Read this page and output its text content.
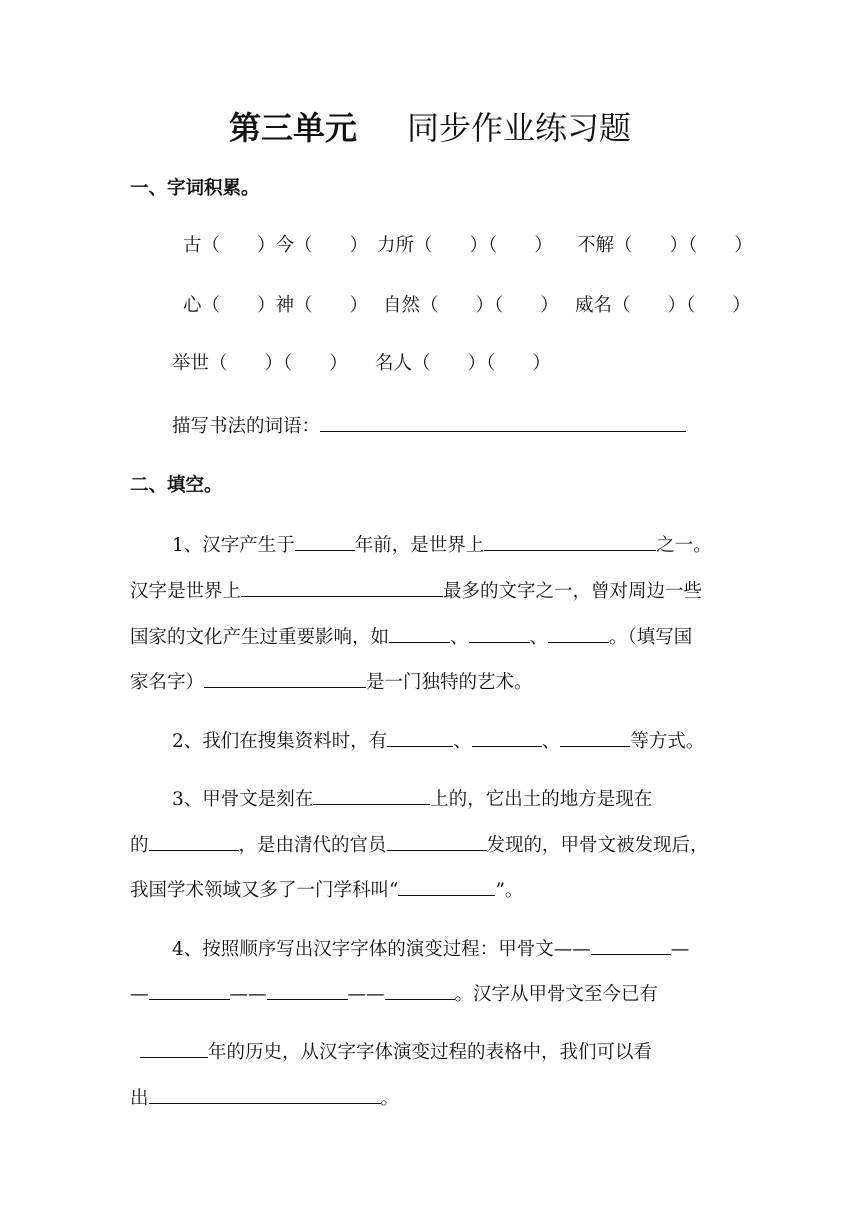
第三单元 同步作业练习题
一、字词积累。
古（　　）今（　　） 力所（　　）（　　） 不解（　　）（　　）
心（　　）神（　　） 自然（　　）（　　） 威名（　　）（　　）
举世（　　）（　　） 名人（　　）（　　）
描写书法的词语：
二、填空。
1、汉字产生于	年前，是世界上	之一。
汉字是世界上	最多的文字之一，曾对周边一些
国家的文化产生过重要影响，如	、	、	。（填写国
家名字）	是一门独特的艺术。
2、我们在搜集资料时，有	、	、	等方式。
3、甲骨文是刻在	上的，它出土的地方是现在
的	，是由清代的官员	发现的，甲骨文被发现后，
我国学术领域又多了一门学科叫“	”。
4、按照顺序写出汉字字体的演变过程：甲骨文——	—
—	——	——	。汉字从甲骨文至今已有
年的历史，从汉字字体演变过程的表格中，我们可以看
出	。
